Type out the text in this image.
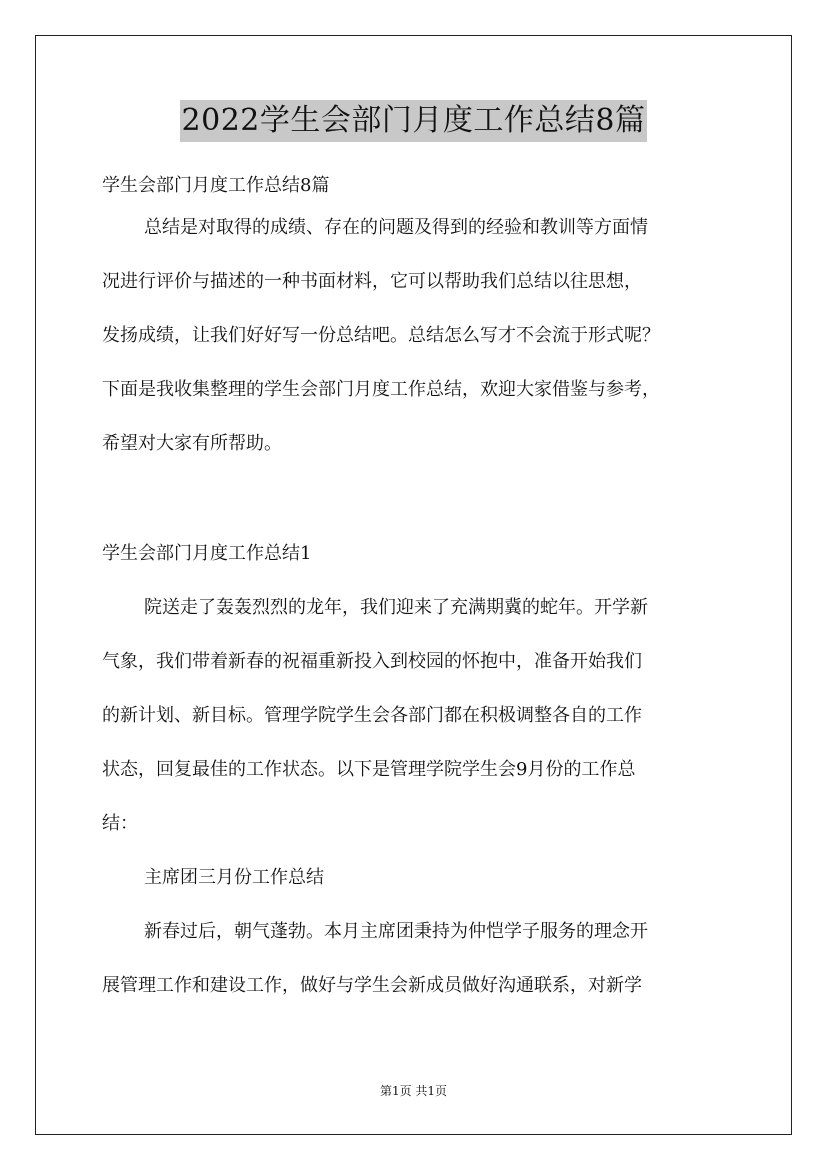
2022学生会部门月度工作总结8篇
学生会部门月度工作总结8篇
总结是对取得的成绩、存在的问题及得到的经验和教训等方面情
况进行评价与描述的一种书面材料，它可以帮助我们总结以往思想，
发扬成绩，让我们好好写一份总结吧。总结怎么写才不会流于形式呢？
下面是我收集整理的学生会部门月度工作总结，欢迎大家借鉴与参考，
希望对大家有所帮助。
学生会部门月度工作总结1
院送走了轰轰烈烈的龙年，我们迎来了充满期冀的蛇年。开学新
气象，我们带着新春的祝福重新投入到校园的怀抱中，准备开始我们
的新计划、新目标。管理学院学生会各部门都在积极调整各自的工作
状态，回复最佳的工作状态。以下是管理学院学生会9月份的工作总
结：
主席团三月份工作总结
新春过后，朝气蓬勃。本月主席团秉持为仲恺学子服务的理念开
展管理工作和建设工作，做好与学生会新成员做好沟通联系，对新学
第1页 共1页
